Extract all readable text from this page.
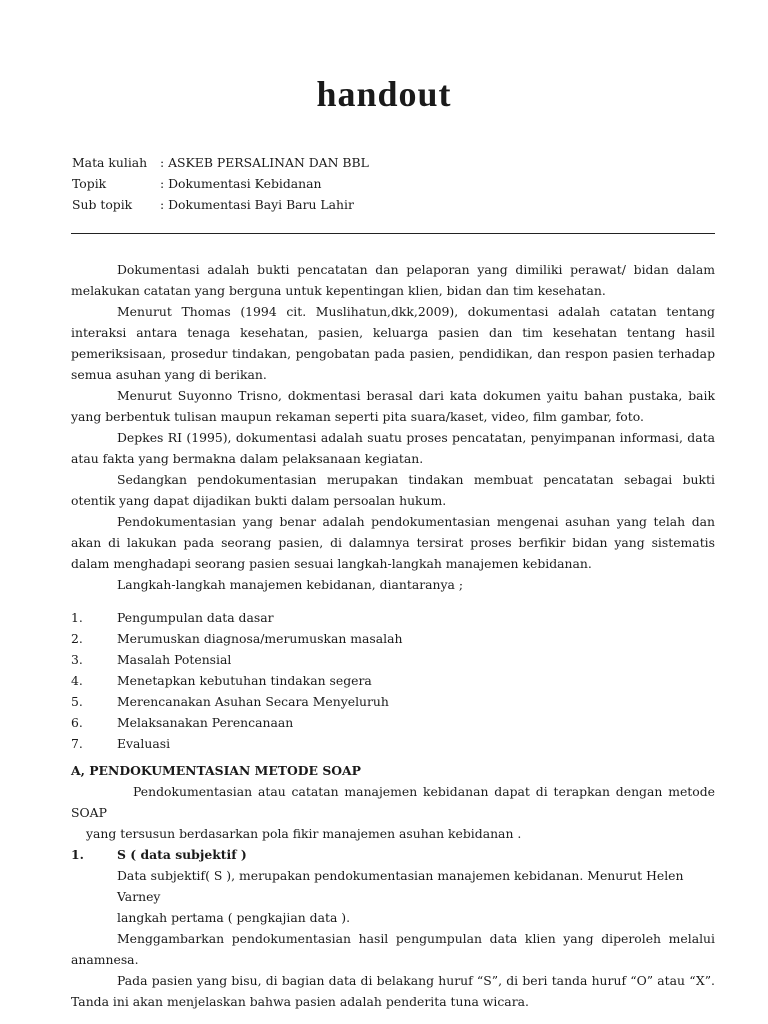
handout
Mata kuliah	: ASKEB PERSALINAN DAN BBL
Topik	: Dokumentasi Kebidanan
Sub topik	: Dokumentasi Bayi Baru Lahir

Dokumentasi adalah bukti pencatatan dan pelaporan yang dimiliki perawat/ bidan dalam melakukan catatan yang berguna untuk kepentingan klien, bidan dan tim kesehatan.

Menurut Thomas (1994 cit. Muslihatun,dkk,2009), dokumentasi adalah catatan tentang interaksi antara tenaga kesehatan, pasien, keluarga pasien dan tim kesehatan tentang hasil pemeriksisaan, prosedur tindakan, pengobatan pada pasien, pendidikan, dan respon pasien terhadap semua asuhan yang di berikan.

Menurut Suyonno Trisno, dokmentasi berasal dari kata dokumen yaitu bahan pustaka, baik yang berbentuk tulisan maupun rekaman seperti pita suara/kaset, video, film gambar, foto.

Depkes RI (1995), dokumentasi adalah suatu proses pencatatan, penyimpanan informasi, data atau fakta yang bermakna dalam pelaksanaan kegiatan.

Sedangkan pendokumentasian merupakan tindakan membuat pencatatan sebagai bukti otentik yang dapat dijadikan bukti dalam persoalan hukum.

Pendokumentasian yang benar adalah pendokumentasian mengenai asuhan yang telah dan akan di lakukan pada seorang pasien, di dalamnya tersirat proses berfikir bidan yang sistematis dalam menghadapi seorang pasien sesuai langkah-langkah manajemen kebidanan.

Langkah-langkah manajemen kebidanan, diantaranya ;

1.	Pengumpulan data dasar
2.	Merumuskan diagnosa/merumuskan masalah
3.	Masalah Potensial
4.	Menetapkan kebutuhan tindakan segera
5.	Merencanakan Asuhan Secara Menyeluruh
6.	Melaksanakan Perencanaan
7.	Evaluasi
A, PENDOKUMENTASIAN METODE SOAP

Pendokumentasian atau catatan manajemen kebidanan dapat di terapkan dengan metode SOAP

yang tersusun berdasarkan pola fikir manajemen asuhan kebidanan .
1.	S ( data subjektif )
Data subjektif( S ), merupakan pendokumentasian manajemen kebidanan. Menurut Helen Varney
langkah pertama ( pengkajian data ).

Menggambarkan pendokumentasian hasil pengumpulan data klien yang diperoleh melalui anamnesa.

Pada pasien yang bisu, di bagian data di belakang huruf “S”, di beri tanda huruf “O” atau “X”. Tanda ini akan menjelaskan bahwa pasien adalah penderita tuna wicara.
